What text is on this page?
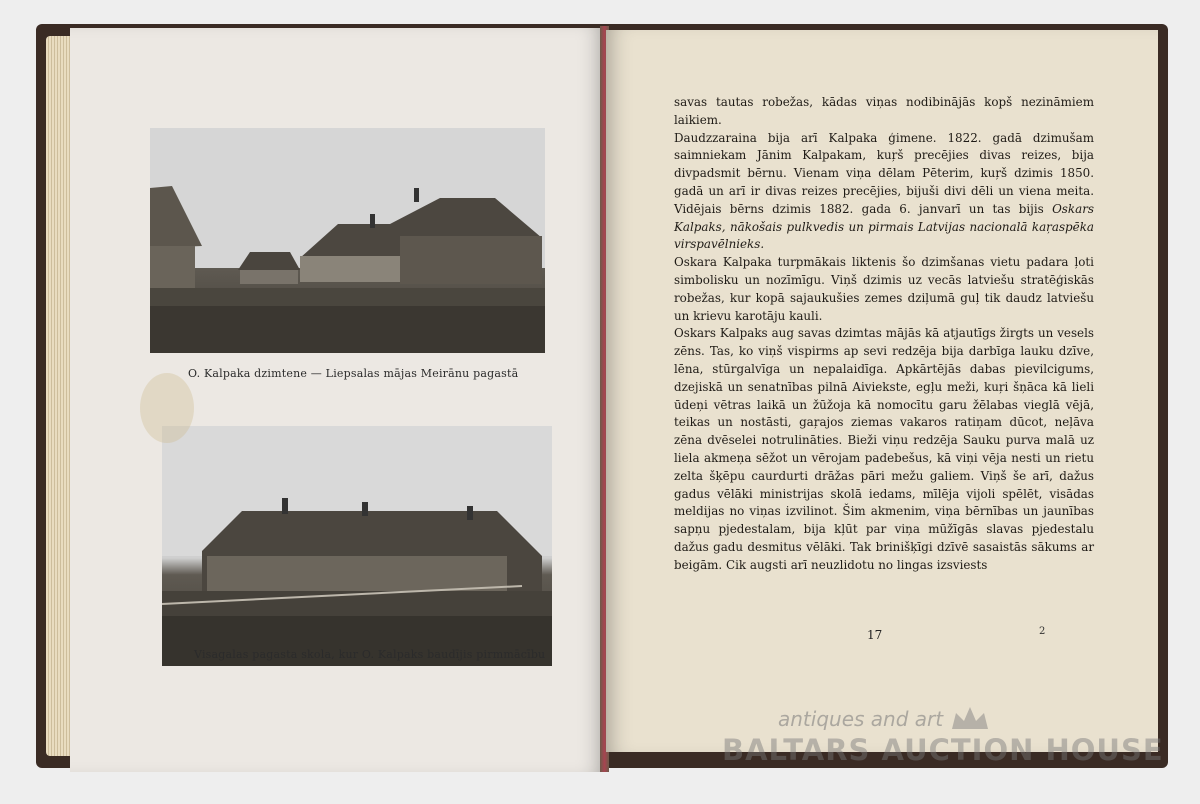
O. Kalpaka dzimtene — Liepsalas mājas Meirānu pagastā
Visagalas pagasta skola, kur O. Kalpaks baudījis pirmmācību

savas tautas robežas, kādas viņas nodibinājās kopš nezināmiem laikiem.

Daudzzaraina bija arī Kalpaka ģimene. 1822. gadā dzimušam saimniekam Jānim Kalpakam, kuŗš precējies divas reizes, bija divpadsmit bērnu. Vienam viņa dēlam Pēterim, kuŗš dzimis 1850. gadā un arī ir divas reizes precējies, bijuši divi dēli un viena meita. Vidējais bērns dzimis 1882. gada 6. janvarī un tas bijis Oskars Kalpaks, nākošais pulkvedis un pirmais Latvijas nacionalā kaŗaspēka virspavēlnieks.

Oskara Kalpaka turpmākais liktenis šo dzimšanas vietu padara ļoti simbolisku un nozīmīgu. Viņš dzimis uz vecās latviešu stratēģiskās robežas, kur kopā sajaukušies zemes dziļumā guļ tik daudz latviešu un krievu karotāju kauli.

Oskars Kalpaks aug savas dzimtas mājās kā atjautīgs žirgts un vesels zēns. Tas, ko viņš vispirms ap sevi redzēja bija darbīga lauku dzīve, lēna, stūrgalvīga un nepalaidīga. Apkārtējās dabas pievilcigums, dzejiskā un senatnības pilnā Aiviekste, egļu meži, kuŗi šņāca kā lieli ūdeņi vētras laikā un žūžoja kā nomocītu garu žēlabas vieglā vējā, teikas un nostāsti, gaŗajos ziemas vakaros ratiņam dūcot, neļāva zēna dvēselei notrulināties. Bieži viņu redzēja Sauku purva malā uz liela akmeņa sēžot un vērojam padebešus, kā viņi vēja nesti un rietu zelta šķēpu caurdurti drāžas pāri mežu galiem. Viņš še arī, dažus gadus vēlāki ministrijas skolā iedams, mīlēja vijoli spēlēt, visādas meldijas no viņas izvilinot. Šim akmenim, viņa bērnības un jaunības sapņu pjedestalam, bija kļūt par viņa mūžīgās slavas pjedestalu dažus gadu desmitus vēlāki. Tak brinišķīgi dzīvē sasaistās sākums ar beigām. Cik augsti arī neuzlidotu no lingas izsviests

17	2
antiques and art
BALTARS AUCTION HOUSE
